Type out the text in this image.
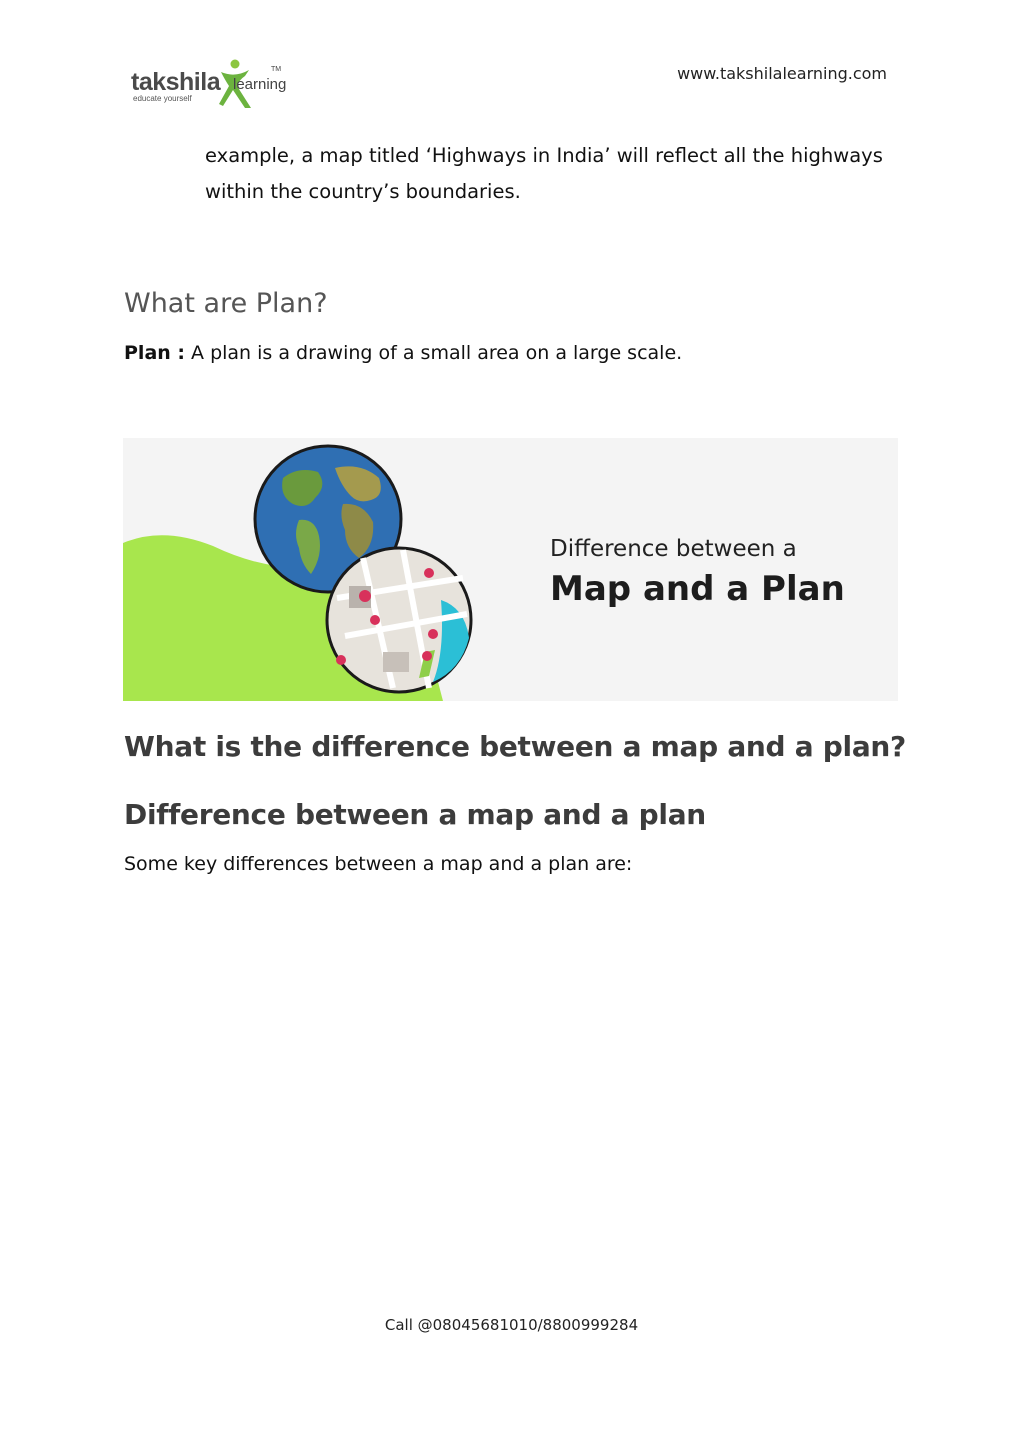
takshila learning
TM
educate yourself
www.takshilalearning.com
example, a map titled ‘Highways in India’ will reflect all the highways
within the country’s boundaries.
What are Plan?
Plan : A plan is a drawing of a small area on a large scale.
Difference between a
Map and a Plan
What is the difference between a map and a plan?
Difference between a map and a plan
Some key differences between a map and a plan are:
Call @08045681010/8800999284
